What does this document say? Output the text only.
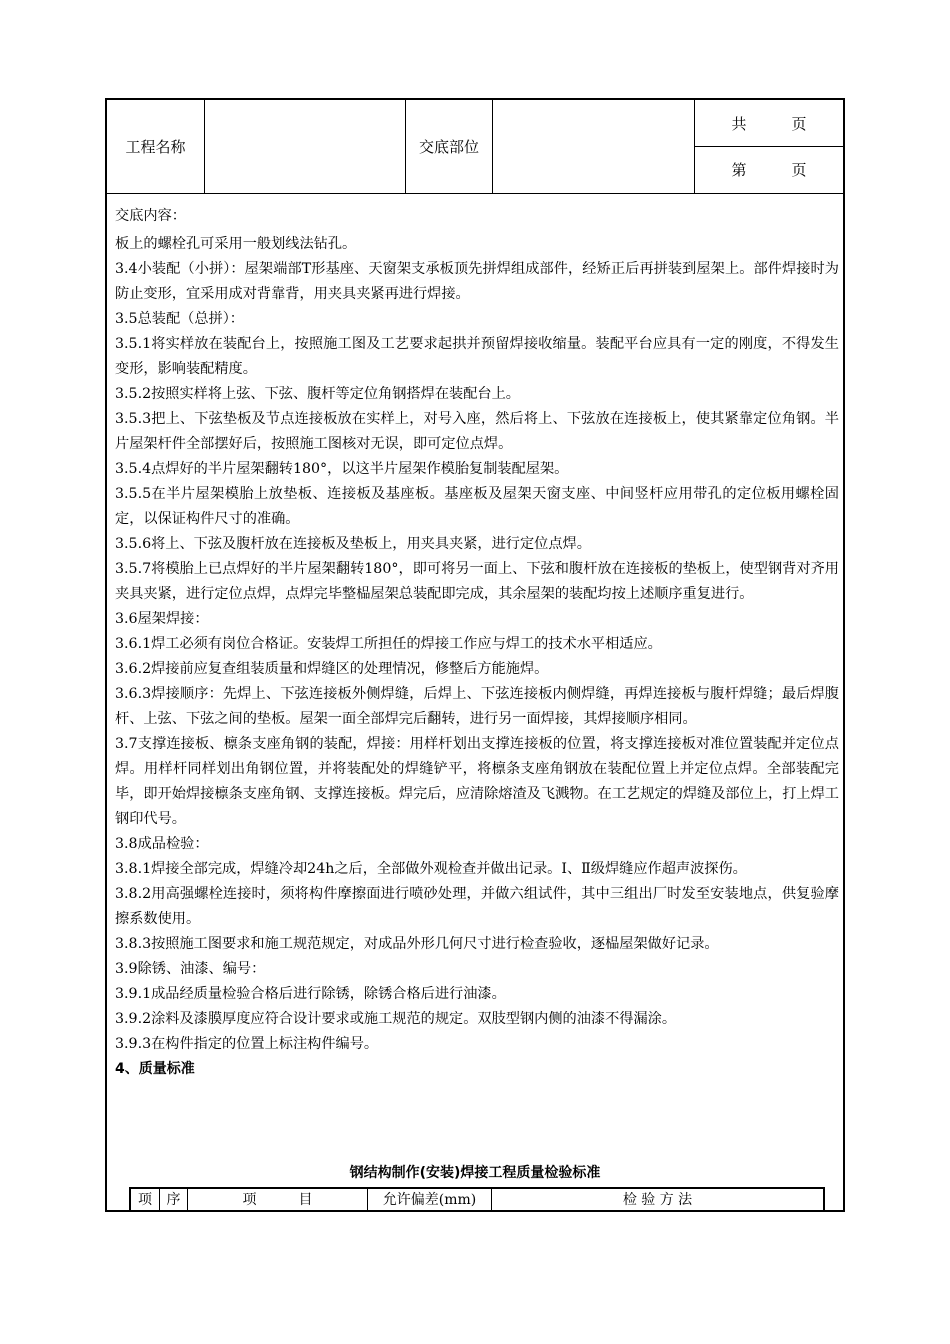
工程名称	交底部位
共　　　页
第　　　页

交底内容：

板上的螺栓孔可采用一般划线法钻孔。

3.4小装配（小拼）：屋架端部T形基座、天窗架支承板顶先拼焊组成部件，经矫正后再拼装到屋架上。部件焊接时为防止变形，宜采用成对背靠背，用夹具夹紧再进行焊接。

3.5总装配（总拼）：

3.5.1将实样放在装配台上，按照施工图及工艺要求起拱并预留焊接收缩量。装配平台应具有一定的刚度，不得发生变形，影响装配精度。

3.5.2按照实样将上弦、下弦、腹杆等定位角钢搭焊在装配台上。

3.5.3把上、下弦垫板及节点连接板放在实样上，对号入座，然后将上、下弦放在连接板上，使其紧靠定位角钢。半片屋架杆件全部摆好后，按照施工图核对无误，即可定位点焊。

3.5.4点焊好的半片屋架翻转180°，以这半片屋架作模胎复制装配屋架。

3.5.5在半片屋架模胎上放垫板、连接板及基座板。基座板及屋架天窗支座、中间竖杆应用带孔的定位板用螺栓固定，以保证构件尺寸的准确。

3.5.6将上、下弦及腹杆放在连接板及垫板上，用夹具夹紧，进行定位点焊。

3.5.7将模胎上已点焊好的半片屋架翻转180°，即可将另一面上、下弦和腹杆放在连接板的垫板上，使型钢背对齐用夹具夹紧，进行定位点焊，点焊完毕整榀屋架总装配即完成，其余屋架的装配均按上述顺序重复进行。

3.6屋架焊接：

3.6.1焊工必须有岗位合格证。安装焊工所担任的焊接工作应与焊工的技术水平相适应。

3.6.2焊接前应复查组装质量和焊缝区的处理情况，修整后方能施焊。

3.6.3焊接顺序：先焊上、下弦连接板外侧焊缝，后焊上、下弦连接板内侧焊缝，再焊连接板与腹杆焊缝；最后焊腹杆、上弦、下弦之间的垫板。屋架一面全部焊完后翻转，进行另一面焊接，其焊接顺序相同。

3.7支撑连接板、檩条支座角钢的装配，焊接：用样杆划出支撑连接板的位置，将支撑连接板对准位置装配并定位点焊。用样杆同样划出角钢位置，并将装配处的焊缝铲平，将檩条支座角钢放在装配位置上并定位点焊。全部装配完毕，即开始焊接檩条支座角钢、支撑连接板。焊完后，应清除熔渣及飞溅物。在工艺规定的焊缝及部位上，打上焊工钢印代号。

3.8成品检验：

3.8.1焊接全部完成，焊缝冷却24h之后，全部做外观检查并做出记录。Ⅰ、Ⅱ级焊缝应作超声波探伤。

3.8.2用高强螺栓连接时，须将构件摩擦面进行喷砂处理，并做六组试件，其中三组出厂时发至安装地点，供复验摩擦系数使用。

3.8.3按照施工图要求和施工规范规定，对成品外形几何尺寸进行检查验收，逐榀屋架做好记录。

3.9除锈、油漆、编号：

3.9.1成品经质量检验合格后进行除锈，除锈合格后进行油漆。

3.9.2涂料及漆膜厚度应符合设计要求或施工规范的规定。双肢型钢内侧的油漆不得漏涂。

3.9.3在构件指定的位置上标注构件编号。

4、质量标准

钢结构制作(安装)焊接工程质量检验标准
项	序	项　　　目	允许偏差(mm)	检 验 方 法
